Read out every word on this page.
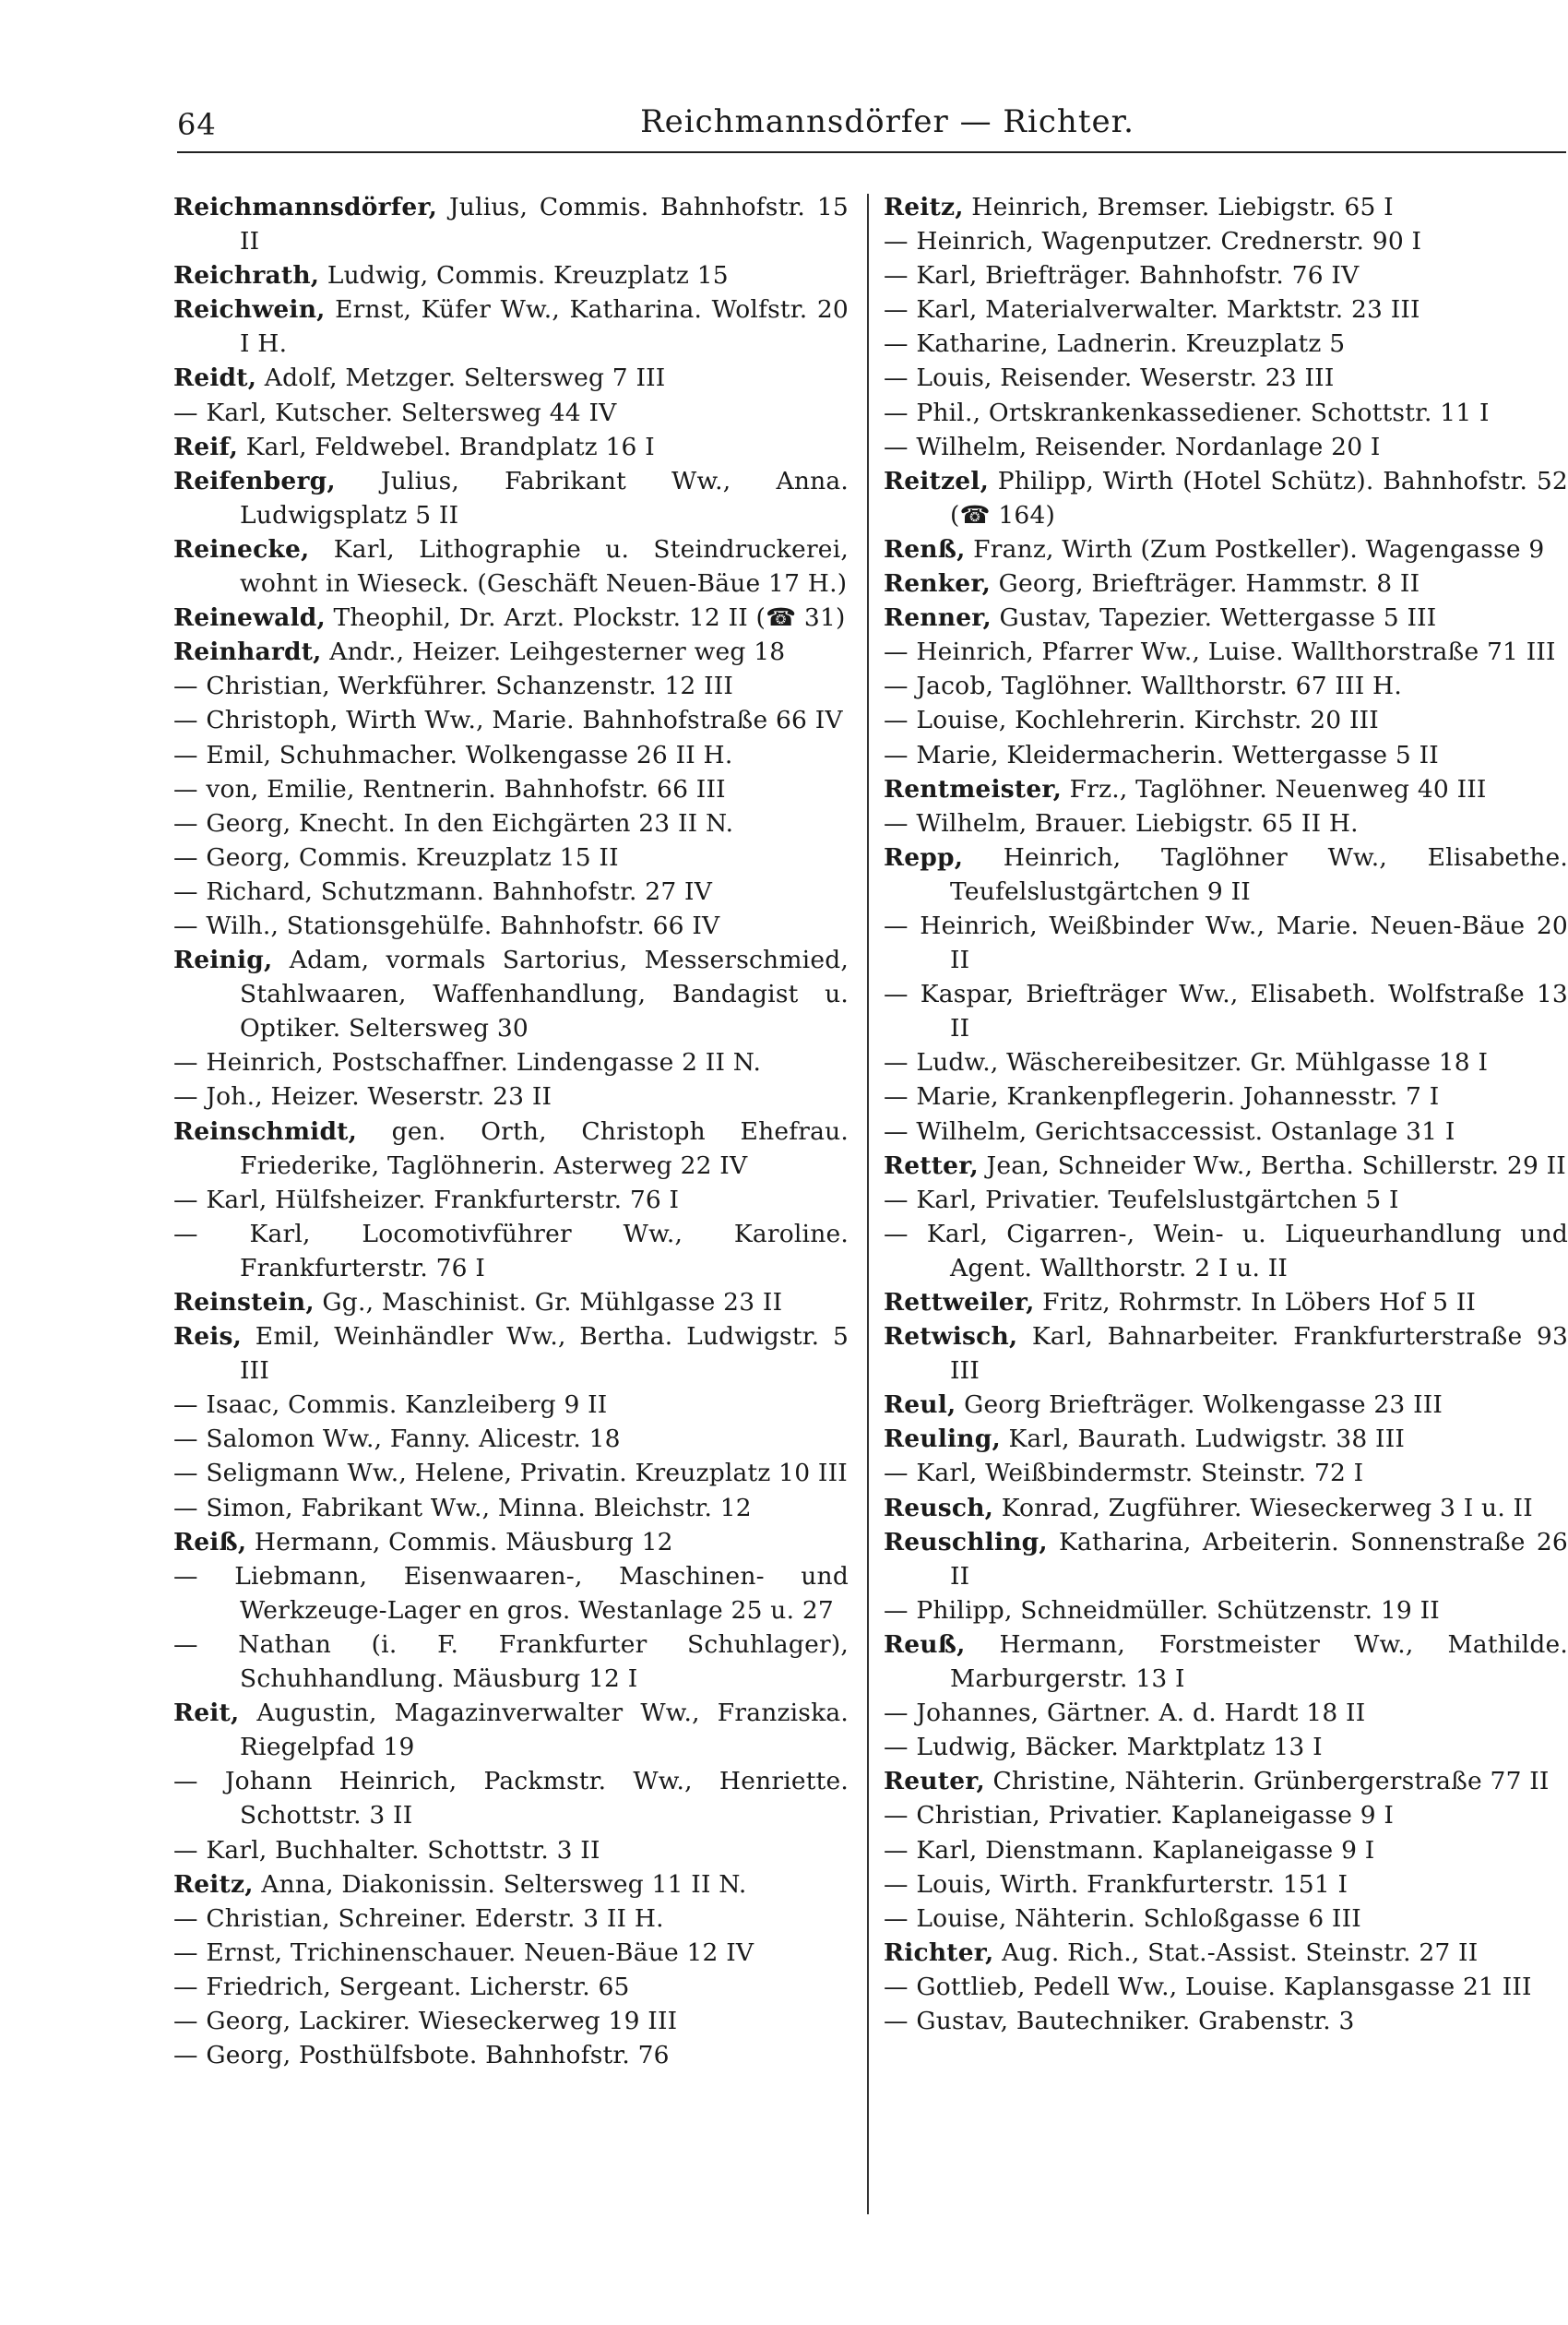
64	Reichmannsdörfer — Richter.
Reichmannsdörfer, Julius, Commis. Bahnhofstr. 15 II
Reichrath, Ludwig, Commis. Kreuzplatz 15
Reichwein, Ernst, Küfer Ww., Katharina. Wolfstr. 20 I H.
Reidt, Adolf, Metzger. Seltersweg 7 III
— Karl, Kutscher. Seltersweg 44 IV
Reif, Karl, Feldwebel. Brandplatz 16 I
Reifenberg, Julius, Fabrikant Ww., Anna. Ludwigsplatz 5 II
Reinecke, Karl, Lithographie u. Steindruckerei, wohnt in Wieseck. (Geschäft Neuen-Bäue 17 H.)
Reinewald, Theophil, Dr. Arzt. Plockstr. 12 II (☎ 31)
Reinhardt, Andr., Heizer. Leihgesterner weg 18
— Christian, Werkführer. Schanzenstr. 12 III
— Christoph, Wirth Ww., Marie. Bahnhofstraße 66 IV
— Emil, Schuhmacher. Wolkengasse 26 II H.
— von, Emilie, Rentnerin. Bahnhofstr. 66 III
— Georg, Knecht. In den Eichgärten 23 II N.
— Georg, Commis. Kreuzplatz 15 II
— Richard, Schutzmann. Bahnhofstr. 27 IV
— Wilh., Stationsgehülfe. Bahnhofstr. 66 IV
Reinig, Adam, vormals Sartorius, Messerschmied, Stahlwaaren, Waffenhandlung, Bandagist u. Optiker. Seltersweg 30
— Heinrich, Postschaffner. Lindengasse 2 II N.
— Joh., Heizer. Weserstr. 23 II
Reinschmidt, gen. Orth, Christoph Ehefrau. Friederike, Taglöhnerin. Asterweg 22 IV
— Karl, Hülfsheizer. Frankfurterstr. 76 I
— Karl, Locomotivführer Ww., Karoline. Frankfurterstr. 76 I
Reinstein, Gg., Maschinist. Gr. Mühlgasse 23 II
Reis, Emil, Weinhändler Ww., Bertha. Ludwigstr. 5 III
— Isaac, Commis. Kanzleiberg 9 II
— Salomon Ww., Fanny. Alicestr. 18
— Seligmann Ww., Helene, Privatin. Kreuzplatz 10 III
— Simon, Fabrikant Ww., Minna. Bleichstr. 12
Reiß, Hermann, Commis. Mäusburg 12
— Liebmann, Eisenwaaren-, Maschinen- und Werkzeuge-Lager en gros. Westanlage 25 u. 27
— Nathan (i. F. Frankfurter Schuhlager), Schuhhandlung. Mäusburg 12 I
Reit, Augustin, Magazinverwalter Ww., Franziska. Riegelpfad 19
— Johann Heinrich, Packmstr. Ww., Henriette. Schottstr. 3 II
— Karl, Buchhalter. Schottstr. 3 II
Reitz, Anna, Diakonissin. Seltersweg 11 II N.
— Christian, Schreiner. Ederstr. 3 II H.
— Ernst, Trichinenschauer. Neuen-Bäue 12 IV
— Friedrich, Sergeant. Licherstr. 65
— Georg, Lackirer. Wieseckerweg 19 III
— Georg, Posthülfsbote. Bahnhofstr. 76
Reitz, Heinrich, Bremser. Liebigstr. 65 I
— Heinrich, Wagenputzer. Crednerstr. 90 I
— Karl, Briefträger. Bahnhofstr. 76 IV
— Karl, Materialverwalter. Marktstr. 23 III
— Katharine, Ladnerin. Kreuzplatz 5
— Louis, Reisender. Weserstr. 23 III
— Phil., Ortskrankenkassediener. Schottstr. 11 I
— Wilhelm, Reisender. Nordanlage 20 I
Reitzel, Philipp, Wirth (Hotel Schütz). Bahnhofstr. 52 (☎ 164)
Renß, Franz, Wirth (Zum Postkeller). Wagengasse 9
Renker, Georg, Briefträger. Hammstr. 8 II
Renner, Gustav, Tapezier. Wettergasse 5 III
— Heinrich, Pfarrer Ww., Luise. Wallthorstraße 71 III
— Jacob, Taglöhner. Wallthorstr. 67 III H.
— Louise, Kochlehrerin. Kirchstr. 20 III
— Marie, Kleidermacherin. Wettergasse 5 II
Rentmeister, Frz., Taglöhner. Neuenweg 40 III
— Wilhelm, Brauer. Liebigstr. 65 II H.
Repp, Heinrich, Taglöhner Ww., Elisabethe. Teufelslustgärtchen 9 II
— Heinrich, Weißbinder Ww., Marie. Neuen-Bäue 20 II
— Kaspar, Briefträger Ww., Elisabeth. Wolfstraße 13 II
— Ludw., Wäschereibesitzer. Gr. Mühlgasse 18 I
— Marie, Krankenpflegerin. Johannesstr. 7 I
— Wilhelm, Gerichtsaccessist. Ostanlage 31 I
Retter, Jean, Schneider Ww., Bertha. Schillerstr. 29 II
— Karl, Privatier. Teufelslustgärtchen 5 I
— Karl, Cigarren-, Wein- u. Liqueurhandlung und Agent. Wallthorstr. 2 I u. II
Rettweiler, Fritz, Rohrmstr. In Löbers Hof 5 II
Retwisch, Karl, Bahnarbeiter. Frankfurterstraße 93 III
Reul, Georg Briefträger. Wolkengasse 23 III
Reuling, Karl, Baurath. Ludwigstr. 38 III
— Karl, Weißbindermstr. Steinstr. 72 I
Reusch, Konrad, Zugführer. Wieseckerweg 3 I u. II
Reuschling, Katharina, Arbeiterin. Sonnenstraße 26 II
— Philipp, Schneidmüller. Schützenstr. 19 II
Reuß, Hermann, Forstmeister Ww., Mathilde. Marburgerstr. 13 I
— Johannes, Gärtner. A. d. Hardt 18 II
— Ludwig, Bäcker. Marktplatz 13 I
Reuter, Christine, Nähterin. Grünbergerstraße 77 II
— Christian, Privatier. Kaplaneigasse 9 I
— Karl, Dienstmann. Kaplaneigasse 9 I
— Louis, Wirth. Frankfurterstr. 151 I
— Louise, Nähterin. Schloßgasse 6 III
Richter, Aug. Rich., Stat.-Assist. Steinstr. 27 II
— Gottlieb, Pedell Ww., Louise. Kaplansgasse 21 III
— Gustav, Bautechniker. Grabenstr. 3
